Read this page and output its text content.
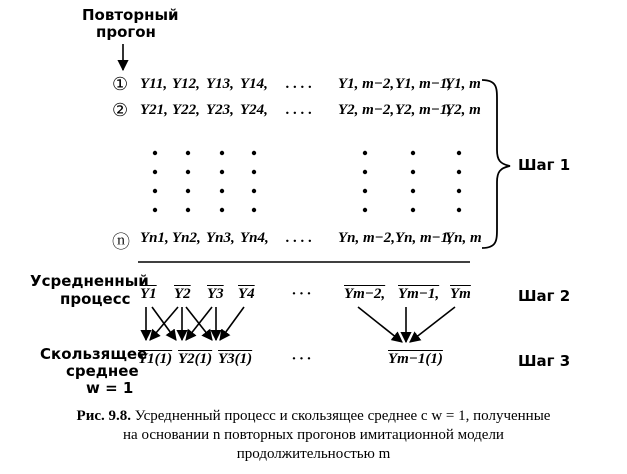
Повторный
прогон
①
②
ⓝ
Y11, Y12, Y13, Y14, . . . . Y1, m−2, Y1, m−1,
Y1, m
Y21, Y22, Y23, Y24, . . . . Y2, m−2, Y2, m−1,
Y2, m
Yn1, Yn2, Yn3, Yn4, . . . . Yn, m−2, Yn, m−1,
Yn, m
Шаг 1
Шаг 2
Шаг 3
Усредненный
процесс Y1 Y2 Y3 Y4 · · · Ym−2, Ym−1, $\overline{Ym}$
Скользящее
среднее
w = 1
Y1(1) Y2(1) Y3(1)	· · ·	Ym−1(1)
Рис. 9.8. Усредненный процесс и скользящее среднее с w = 1, полученные
на основании n повторных прогонов имитационной модели
продолжительностью m
